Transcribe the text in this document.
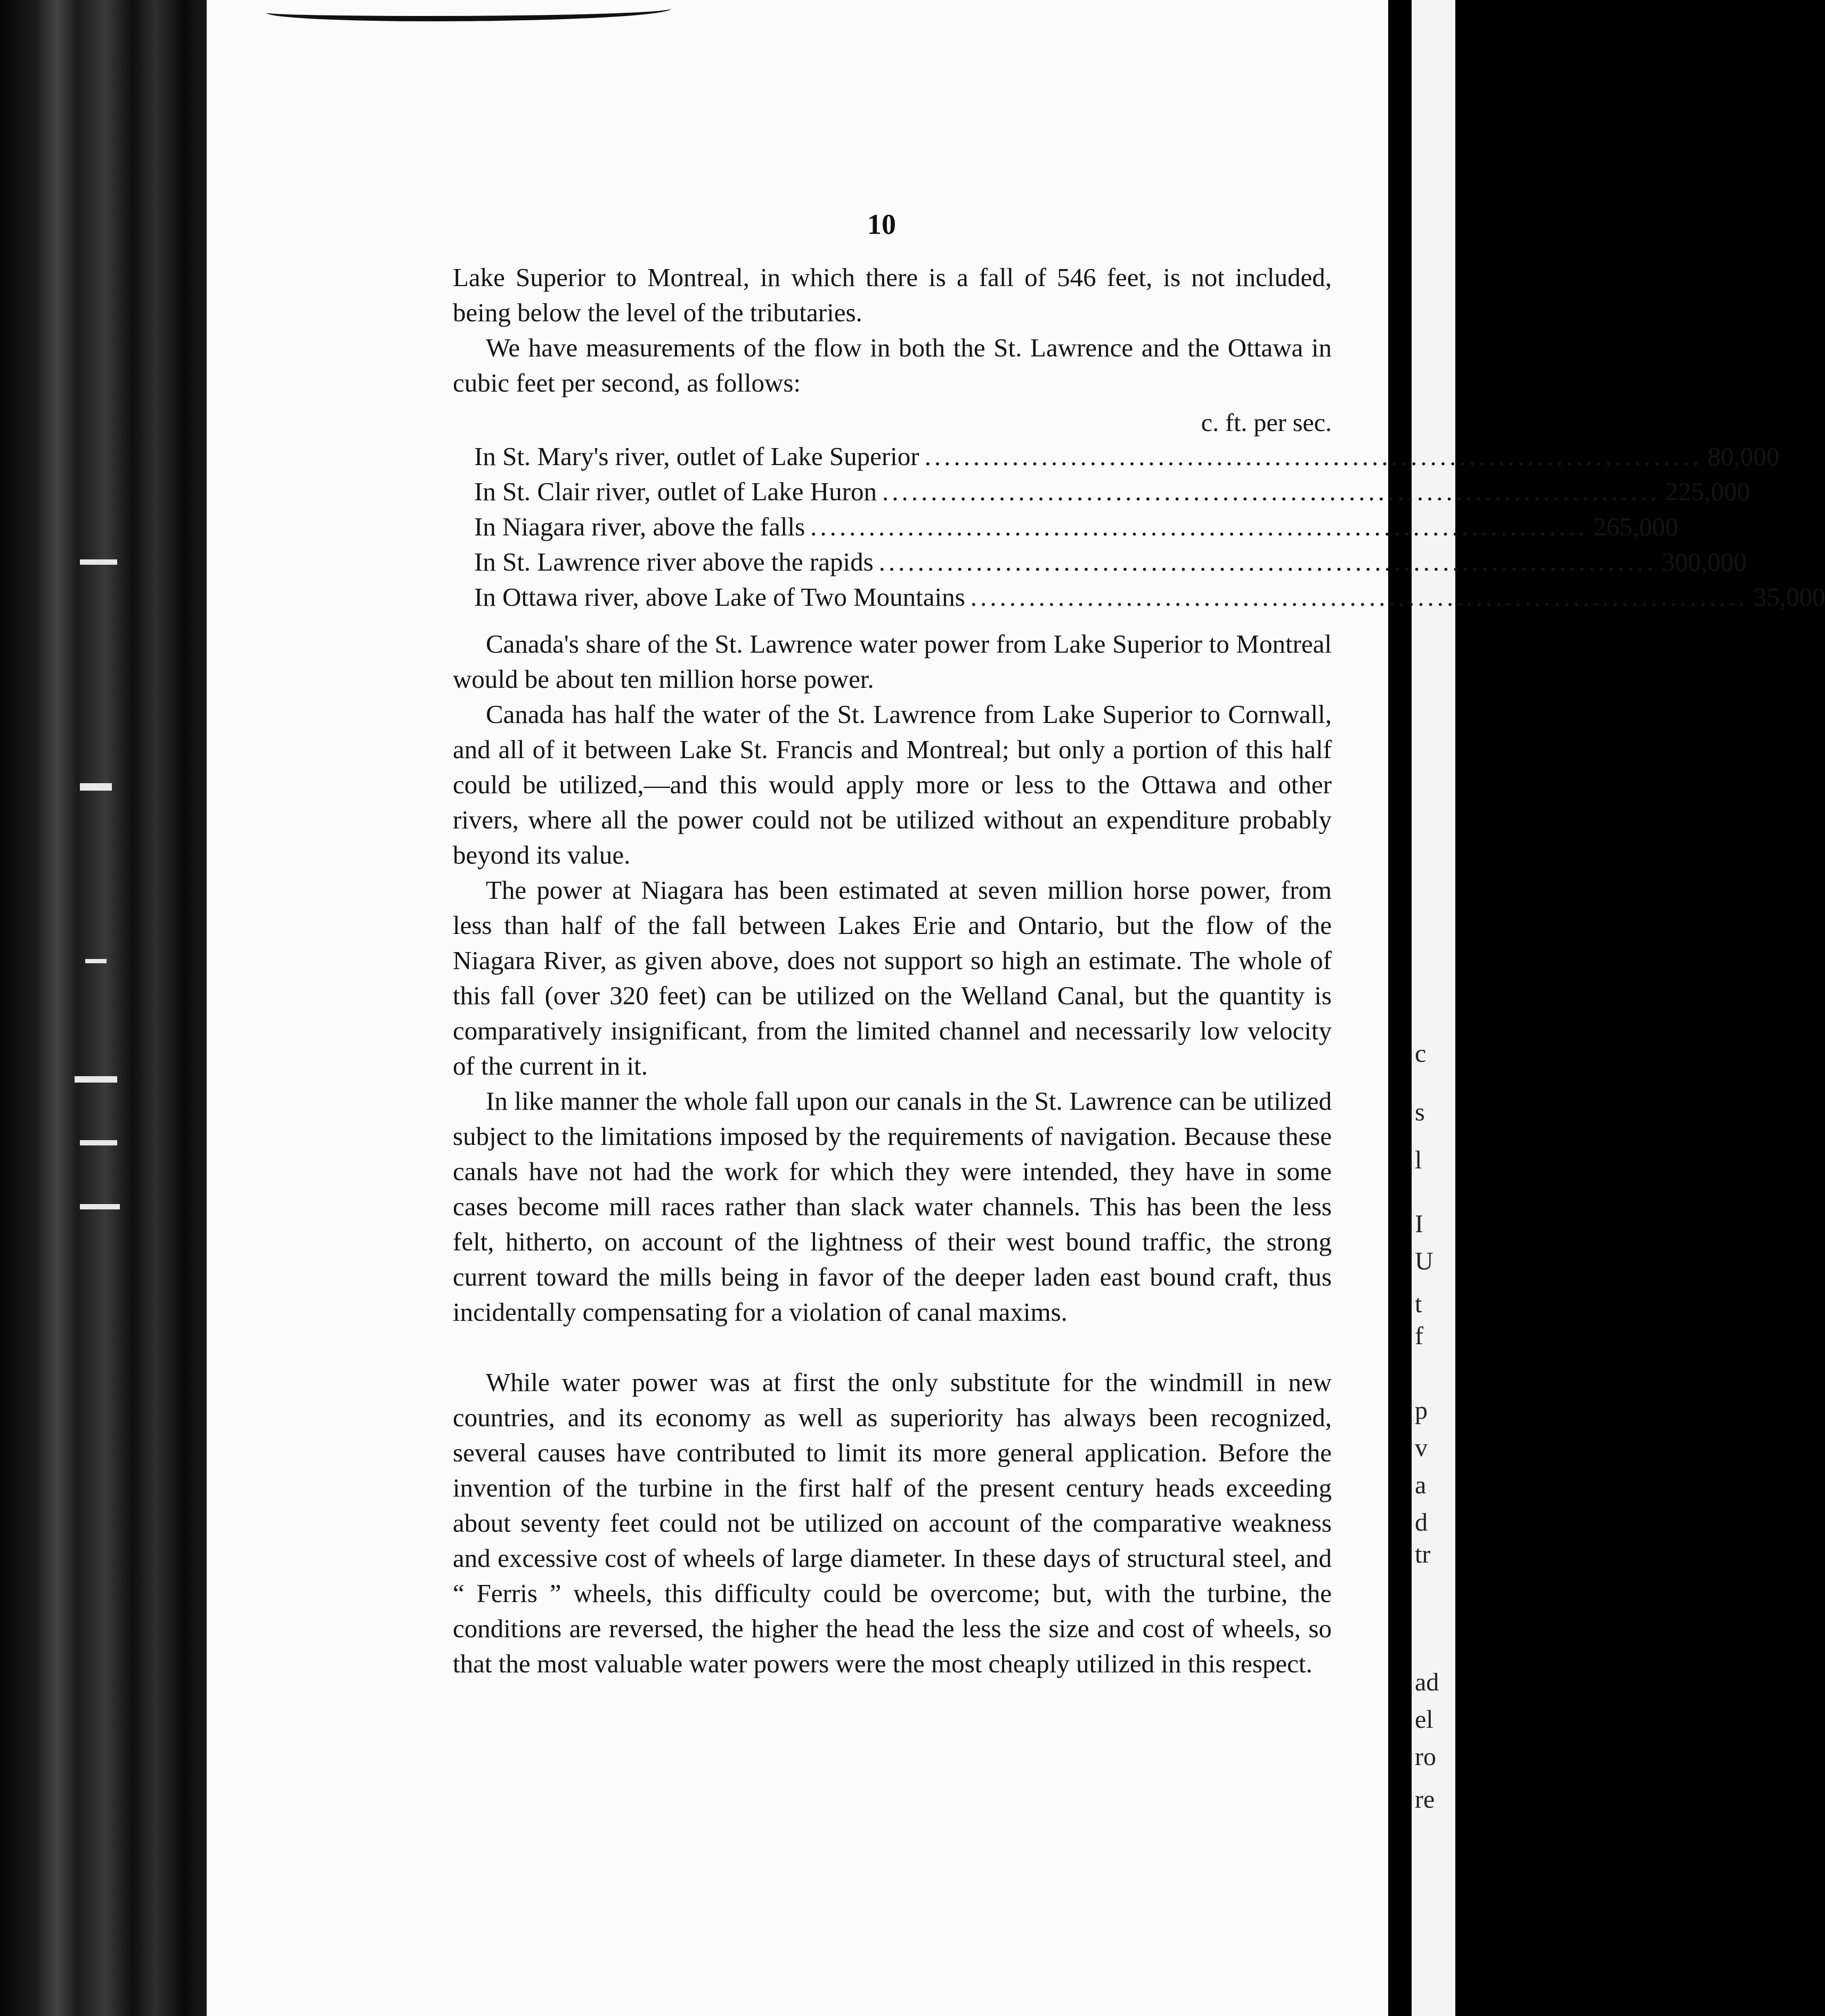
c
s
l
I
U
t
f
p
v
a
d
tr
ad
el
ro
re
10

Lake Superior to Montreal, in which there is a fall of 546 feet, is not included, being below the level of the tributaries.

We have measurements of the flow in both the St. Lawrence and the Ottawa in cubic feet per second, as follows:

c. ft. per sec.
In St. Mary's river, outlet of Lake Superior ................................................................................ 80,000
In St. Clair river, outlet of Lake Huron ................................................................................ 225,000
In Niagara river, above the falls ................................................................................ 265,000
In St. Lawrence river above the rapids ................................................................................ 300,000
In Ottawa river, above Lake of Two Mountains ................................................................................ 35,000

Canada's share of the St. Lawrence water power from Lake Superior to Montreal would be about ten million horse power.

Canada has half the water of the St. Lawrence from Lake Superior to Cornwall, and all of it between Lake St. Francis and Montreal; but only a portion of this half could be utilized,—and this would apply more or less to the Ottawa and other rivers, where all the power could not be utilized without an expenditure probably beyond its value.

The power at Niagara has been estimated at seven million horse power, from less than half of the fall between Lakes Erie and Ontario, but the flow of the Niagara River, as given above, does not support so high an estimate. The whole of this fall (over 320 feet) can be utilized on the Welland Canal, but the quantity is comparatively insignificant, from the limited channel and necessarily low velocity of the current in it.

In like manner the whole fall upon our canals in the St. Lawrence can be utilized subject to the limitations imposed by the requirements of navigation. Because these canals have not had the work for which they were intended, they have in some cases become mill races rather than slack water channels. This has been the less felt, hitherto, on account of the lightness of their west bound traffic, the strong current toward the mills being in favor of the deeper laden east bound craft, thus incidentally compensating for a violation of canal maxims.

While water power was at first the only substitute for the windmill in new countries, and its economy as well as superiority has always been recognized, several causes have contributed to limit its more general application. Before the invention of the turbine in the first half of the present century heads exceeding about seventy feet could not be utilized on account of the comparative weakness and excessive cost of wheels of large diameter. In these days of structural steel, and “ Ferris ” wheels, this difficulty could be overcome; but, with the turbine, the conditions are reversed, the higher the head the less the size and cost of wheels, so that the most valuable water powers were the most cheaply utilized in this respect.
